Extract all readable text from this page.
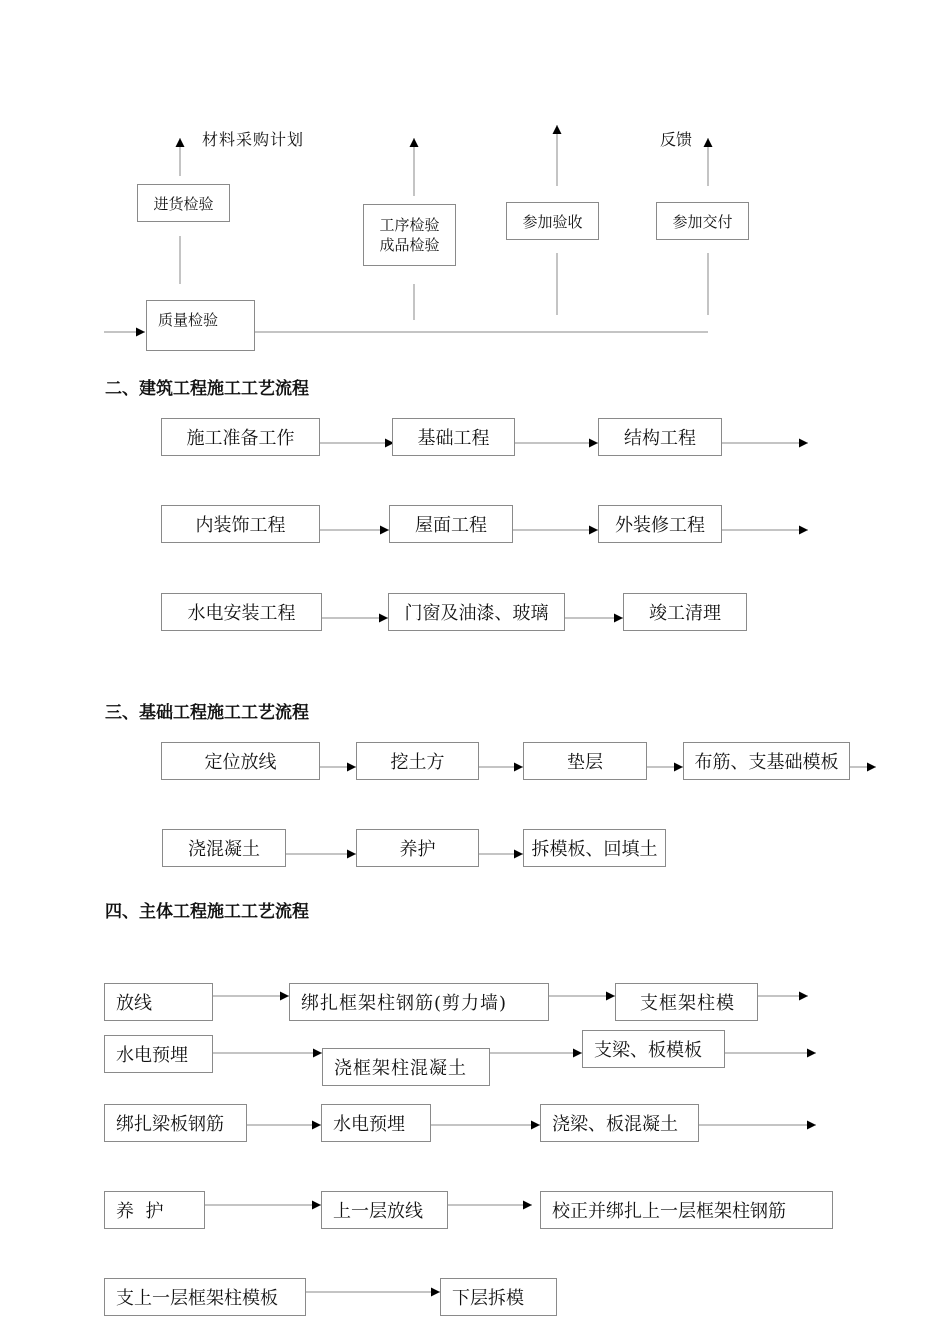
材料采购计划	反馈
进货检验
工序检验
成品检验
参加验收	参加交付
质量检验
二、建筑工程施工工艺流程
施工准备工作	基础工程	结构工程
内装饰工程	屋面工程	外装修工程
水电安装工程	门窗及油漆、玻璃	竣工清理
三、基础工程施工工艺流程
定位放线	挖土方	垫层	布筋、支基础模板
浇混凝土	养护	拆模板、回填土
四、主体工程施工工艺流程
放线	绑扎框架柱钢筋(剪力墙)	支框架柱模
水电预埋
浇框架柱混凝土
支梁、板模板
绑扎梁板钢筋	水电预埋	浇梁、板混凝土
养  护	上一层放线	校正并绑扎上一层框架柱钢筋
支上一层框架柱模板	下层拆模
